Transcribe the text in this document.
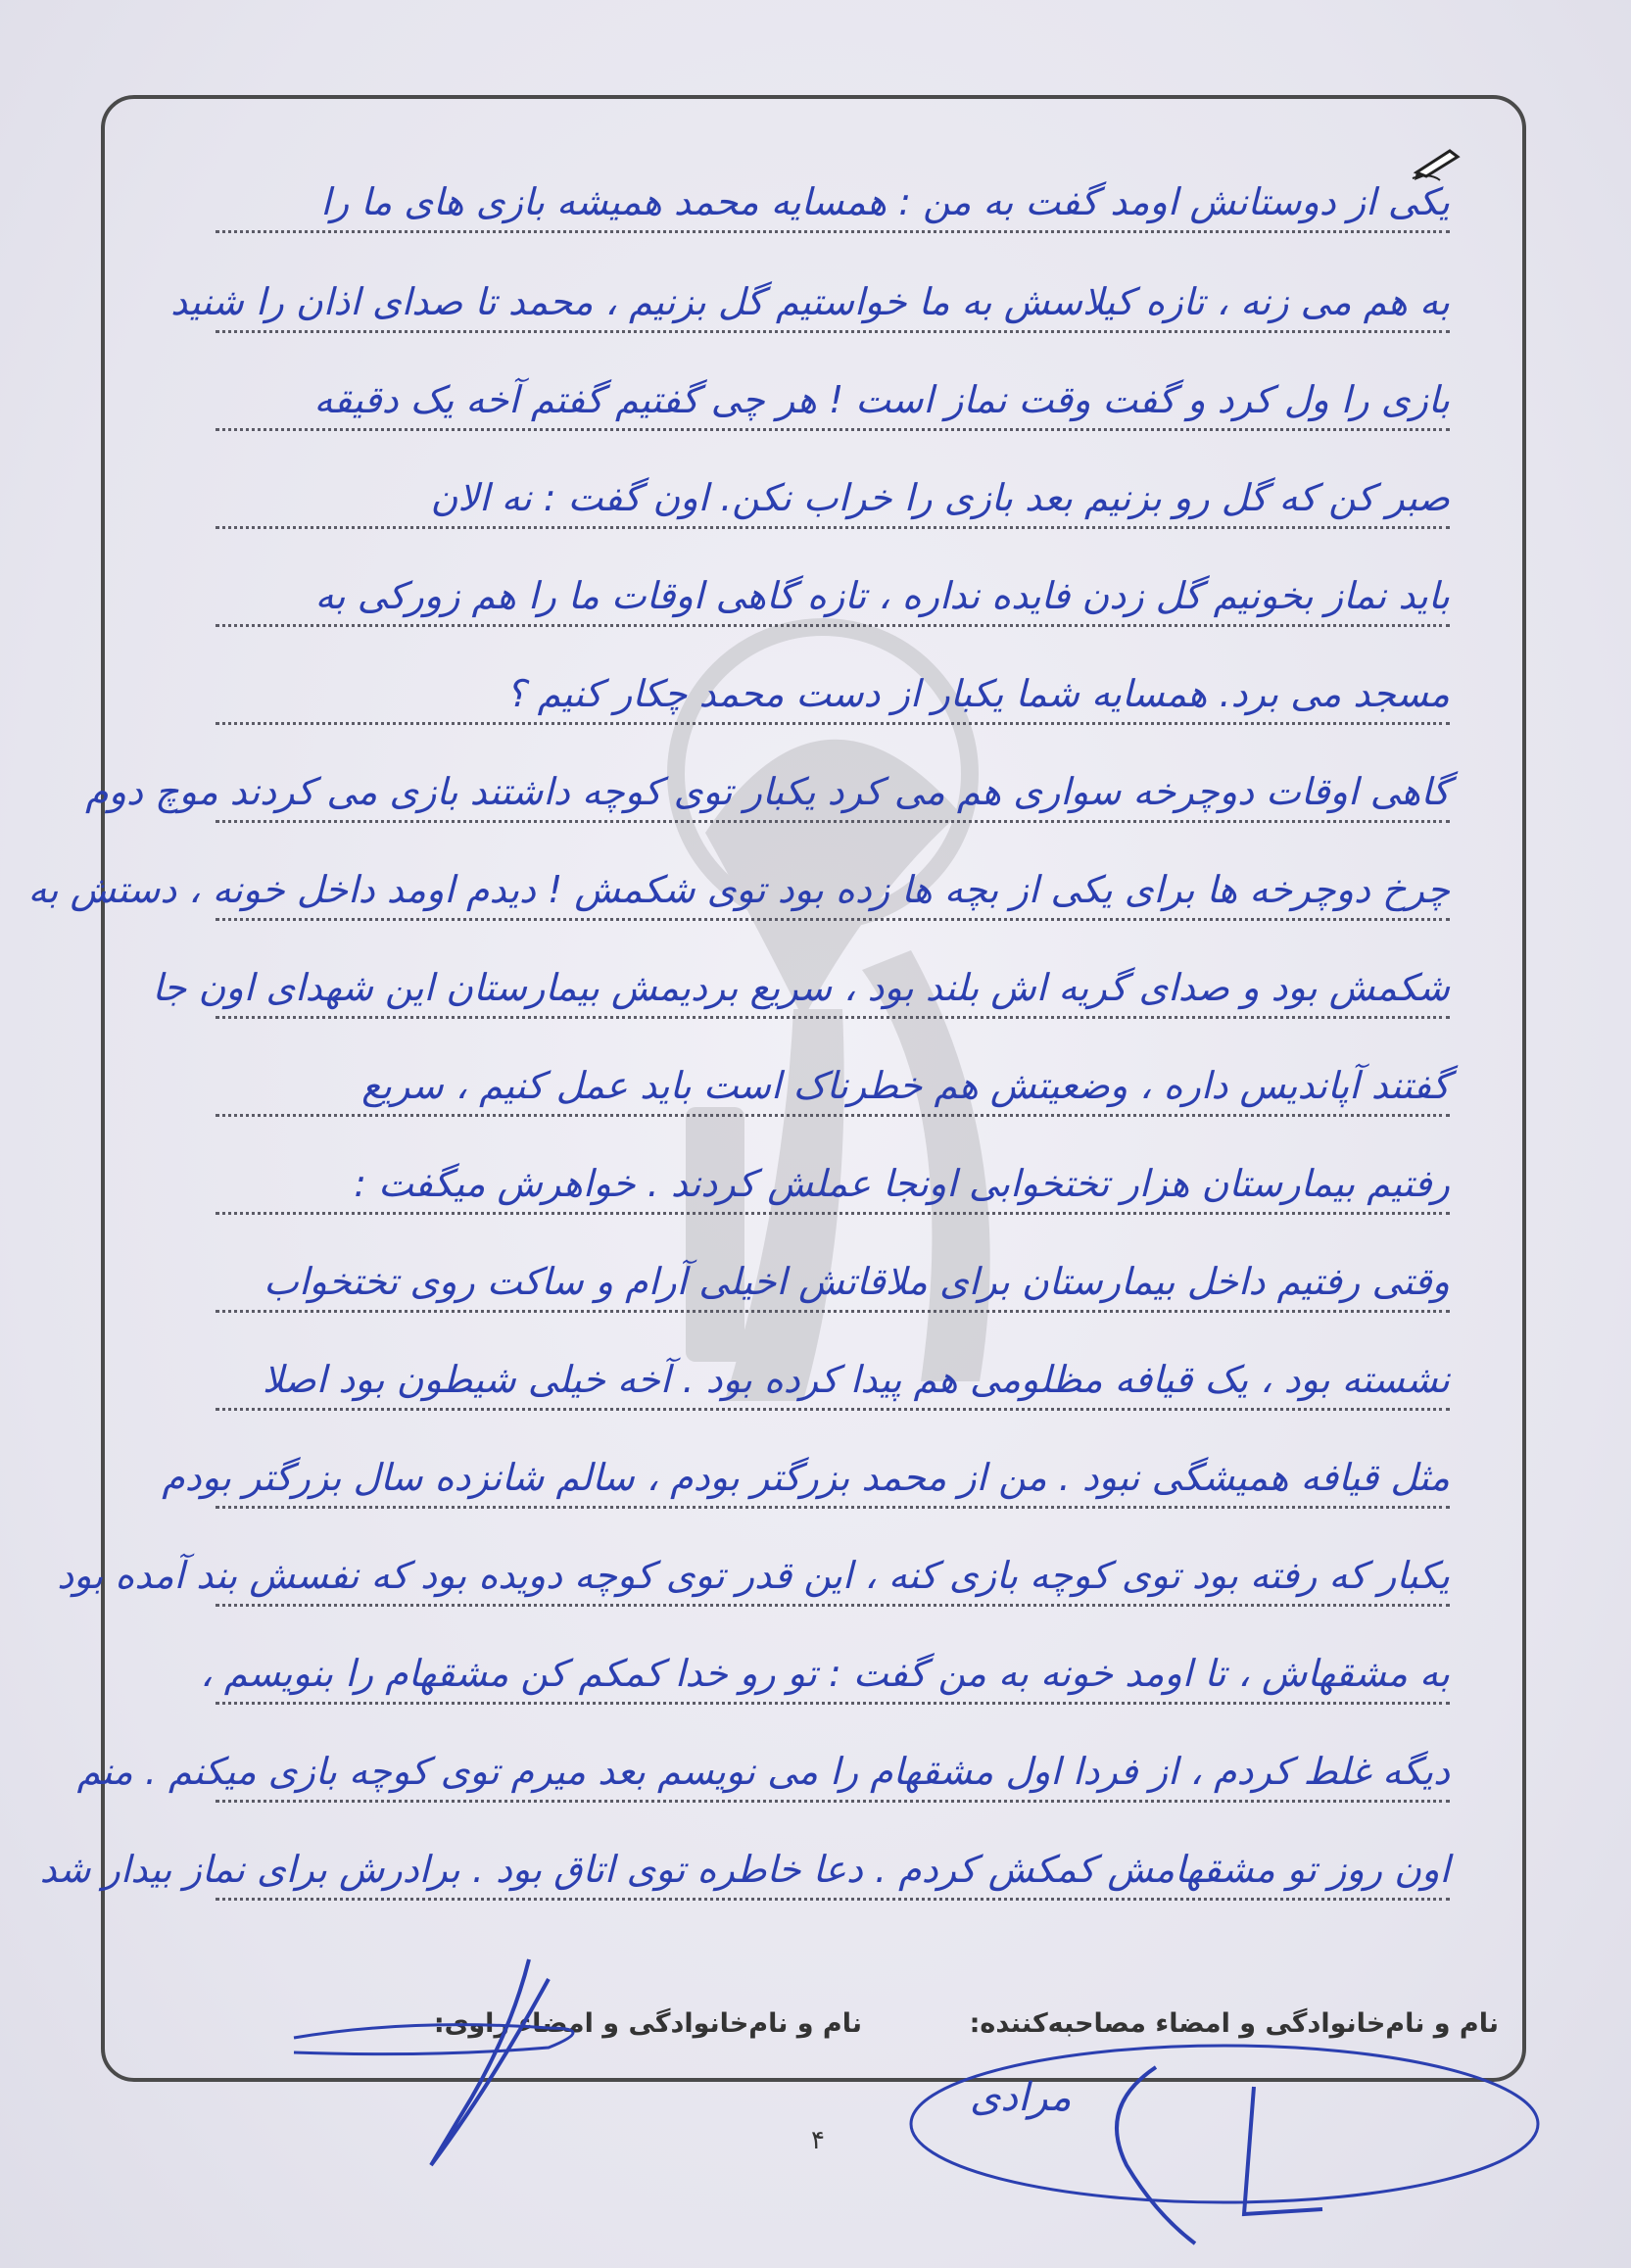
یکی از دوستانش اومد گفت به من : همسایه محمد همیشه بازی های ما را
به هم می زنه ، تازه کیلاسش به ما خواستیم گل بزنیم ، محمد تا صدای اذان را شنید
بازی را ول کرد و گفت وقت نماز است ! هر چی گفتیم گفتم آخه یک دقیقه
صبر کن که گل رو بزنیم بعد بازی را خراب نکن. اون گفت : نه الان
باید نماز بخونیم گل زدن فایده نداره ، تازه گاهی اوقات ما را هم زورکی به
مسجد می برد. همسایه شما یکبار از دست محمد چکار کنیم ؟
گاهی اوقات دوچرخه سواری هم می کرد یکبار توی کوچه داشتند بازی می کردند موچ دوم
چرخ دوچرخه ها برای یکی از بچه ها زده بود توی شکمش ! دیدم اومد داخل خونه ، دستش به
شکمش بود و صدای گریه اش بلند بود ، سریع بردیمش بیمارستان این شهدای اون جا
گفتند آپاندیس داره ، وضعیتش هم خطرناک است باید عمل کنیم ، سریع
رفتیم بیمارستان هزار تختخوابی اونجا عملش کردند . خواهرش میگفت :
وقتی رفتیم داخل بیمارستان برای ملاقاتش اخیلی آرام و ساکت روی تختخواب
نشسته بود ، یک قیافه مظلومی هم پیدا کرده بود . آخه خیلی شیطون بود اصلا
مثل قیافه همیشگی نبود . من از محمد بزرگتر بودم ، سالم شانزده سال بزرگتر بودم
یکبار که رفته بود توی کوچه بازی کنه ، این قدر توی کوچه دویده بود که نفسش بند آمده بود
به مشقهاش ، تا اومد خونه به من گفت : تو رو خدا کمکم کن مشقهام را بنویسم ،
دیگه غلط کردم ، از فردا اول مشقهام را می نویسم بعد میرم توی کوچه بازی میکنم . منم
اون روز تو مشقهامش کمکش کردم . دعا خاطره توی اتاق بود . برادرش برای نماز بیدار شد
نام و نام‌خانوادگی و امضاء مصاحبه‌کننده:
نام و نام‌خانوادگی و امضاء راوی:
مرادی
۴
